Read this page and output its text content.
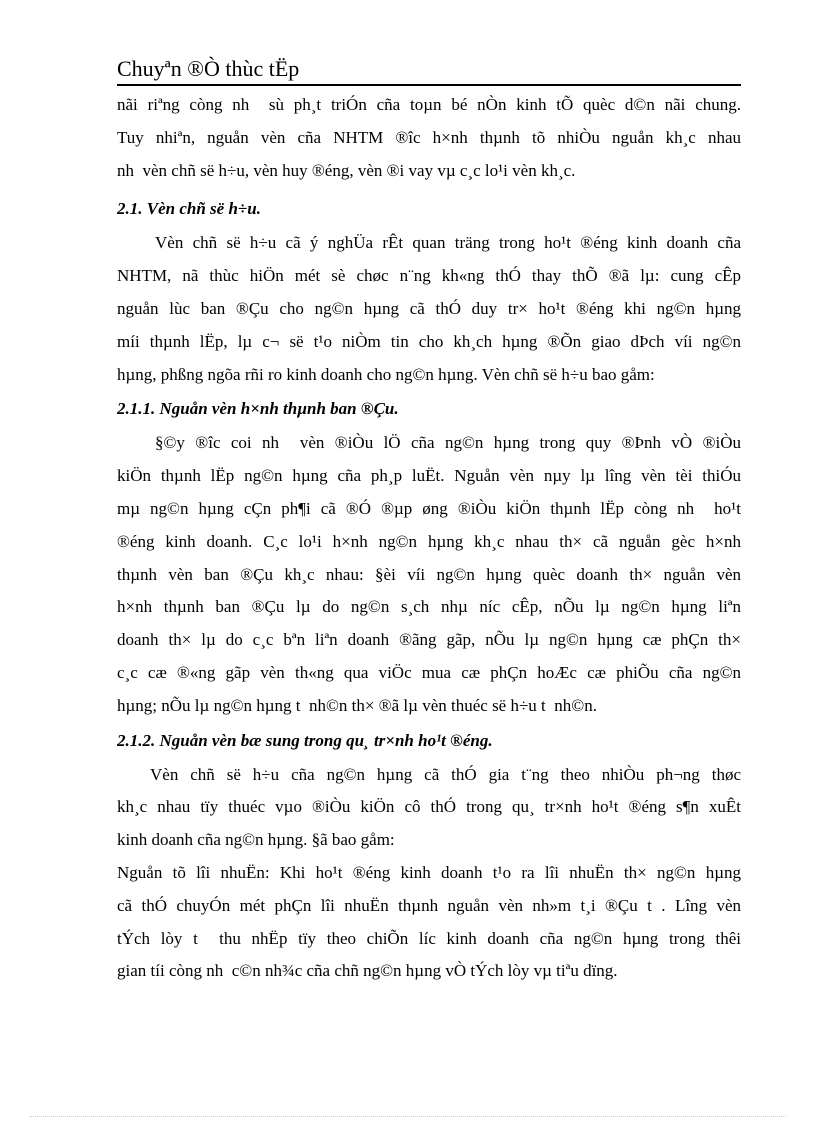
Chuyªn ®Ò thùc tËp
nãi riªng còng nh  sù ph¸t triÓn cña toµn bé nÒn kinh tÕ quèc d©n nãi chung.
Tuy nhiªn, nguån vèn cña NHTM ®îc h×nh thµnh tõ nhiÒu nguån kh¸c nhau
nh  vèn chñ së h÷u, vèn huy ®éng, vèn ®i vay vµ c¸c lo¹i vèn kh¸c.
2.1. Vèn chñ së h÷u.
Vèn chñ së h÷u cã ý nghÜa rÊt quan träng trong ho¹t ®éng kinh doanh cña
NHTM, nã thùc hiÖn mét sè chøc n¨ng kh«ng thÓ thay thÕ ®ã lµ: cung cÊp
nguån lùc ban ®Çu cho ng©n hµng cã thÓ duy tr× ho¹t ®éng khi ng©n hµng
míi thµnh lËp, lµ c¬ së t¹o niÒm tin cho kh¸ch hµng ®Õn giao dÞch víi ng©n
hµng, phßng ngõa rñi ro kinh doanh cho ng©n hµng. Vèn chñ së h÷u bao gåm:
2.1.1. Nguån vèn h×nh thµnh ban ®Çu.
§©y ®îc coi nh  vèn ®iÒu lÖ cña ng©n hµng trong quy ®Þnh vÒ ®iÒu
kiÖn thµnh lËp ng©n hµng cña ph¸p luËt. Nguån vèn nµy lµ lîng vèn tèi thiÓu
mµ ng©n hµng cÇn ph¶i cã ®Ó ®µp øng ®iÒu kiÖn thµnh lËp còng nh  ho¹t
®éng kinh doanh. C¸c lo¹i h×nh ng©n hµng kh¸c nhau th× cã nguån gèc h×nh
thµnh vèn ban ®Çu kh¸c nhau: §èi víi ng©n hµng quèc doanh th× nguån vèn
h×nh thµnh ban ®Çu lµ do ng©n s¸ch nhµ níc cÊp, nÕu lµ ng©n hµng liªn
doanh th× lµ do c¸c bªn liªn doanh ®ãng gãp, nÕu lµ ng©n hµng cæ phÇn th×
c¸c cæ ®«ng gãp vèn th«ng qua viÖc mua cæ phÇn hoÆc cæ phiÕu cña ng©n
hµng; nÕu lµ ng©n hµng t  nh©n th× ®ã lµ vèn thuéc së h÷u t  nh©n.
2.1.2. Nguån vèn bæ sung trong qu¸ tr×nh ho¹t ®éng.
Vèn chñ së h÷u cña ng©n hµng cã thÓ gia t¨ng theo nhiÒu ph¬ng thøc
kh¸c nhau tïy thuéc vµo ®iÒu kiÖn cô thÓ trong qu¸ tr×nh ho¹t ®éng s¶n xuÊt
kinh doanh cña ng©n hµng. §ã bao gåm:
Nguån tõ lîi nhuËn: Khi ho¹t ®éng kinh doanh t¹o ra lîi nhuËn th× ng©n hµng
cã thÓ chuyÓn mét phÇn lîi nhuËn thµnh nguån vèn nh»m t¸i ®Çu t . Lîng vèn
tÝch lòy t  thu nhËp tïy theo chiÕn líc kinh doanh cña ng©n hµng trong thêi
gian tíi còng nh  c©n nh¾c cña chñ ng©n hµng vÒ tÝch lòy vµ tiªu dïng.
